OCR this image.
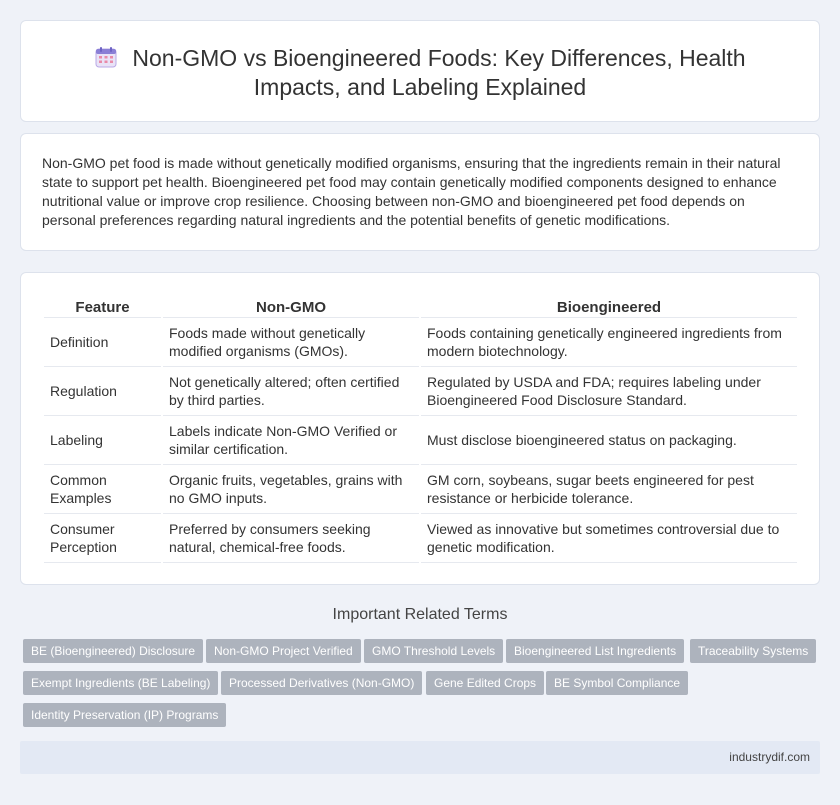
Non-GMO vs Bioengineered Foods: Key Differences, Health
Impacts, and Labeling Explained

Non-GMO pet food is made without genetically modified organisms, ensuring that the ingredients remain in their natural state to support pet health. Bioengineered pet food may contain genetically modified components designed to enhance nutritional value or improve crop resilience. Choosing between non-GMO and bioengineered pet food depends on personal preferences regarding natural ingredients and the potential benefits of genetic modifications.

Feature	Non-GMO	Bioengineered
Definition	Foods made without genetically modified organisms (GMOs).	Foods containing genetically engineered ingredients from modern biotechnology.
Regulation	Not genetically altered; often certified by third parties.	Regulated by USDA and FDA; requires labeling under Bioengineered Food Disclosure Standard.
Labeling	Labels indicate Non-GMO Verified or similar certification.	Must disclose bioengineered status on packaging.
Common Examples	Organic fruits, vegetables, grains with no GMO inputs.	GM corn, soybeans, sugar beets engineered for pest resistance or herbicide tolerance.
Consumer Perception	Preferred by consumers seeking natural, chemical-free foods.	Viewed as innovative but sometimes controversial due to genetic modification.
Important Related Terms
BE (Bioengineered) Disclosure	Non-GMO Project Verified	GMO Threshold Levels	Bioengineered List Ingredients	Traceability Systems
Exempt Ingredients (BE Labeling)	Processed Derivatives (Non-GMO)	Gene Edited Crops	BE Symbol Compliance
Identity Preservation (IP) Programs
industrydif.com
